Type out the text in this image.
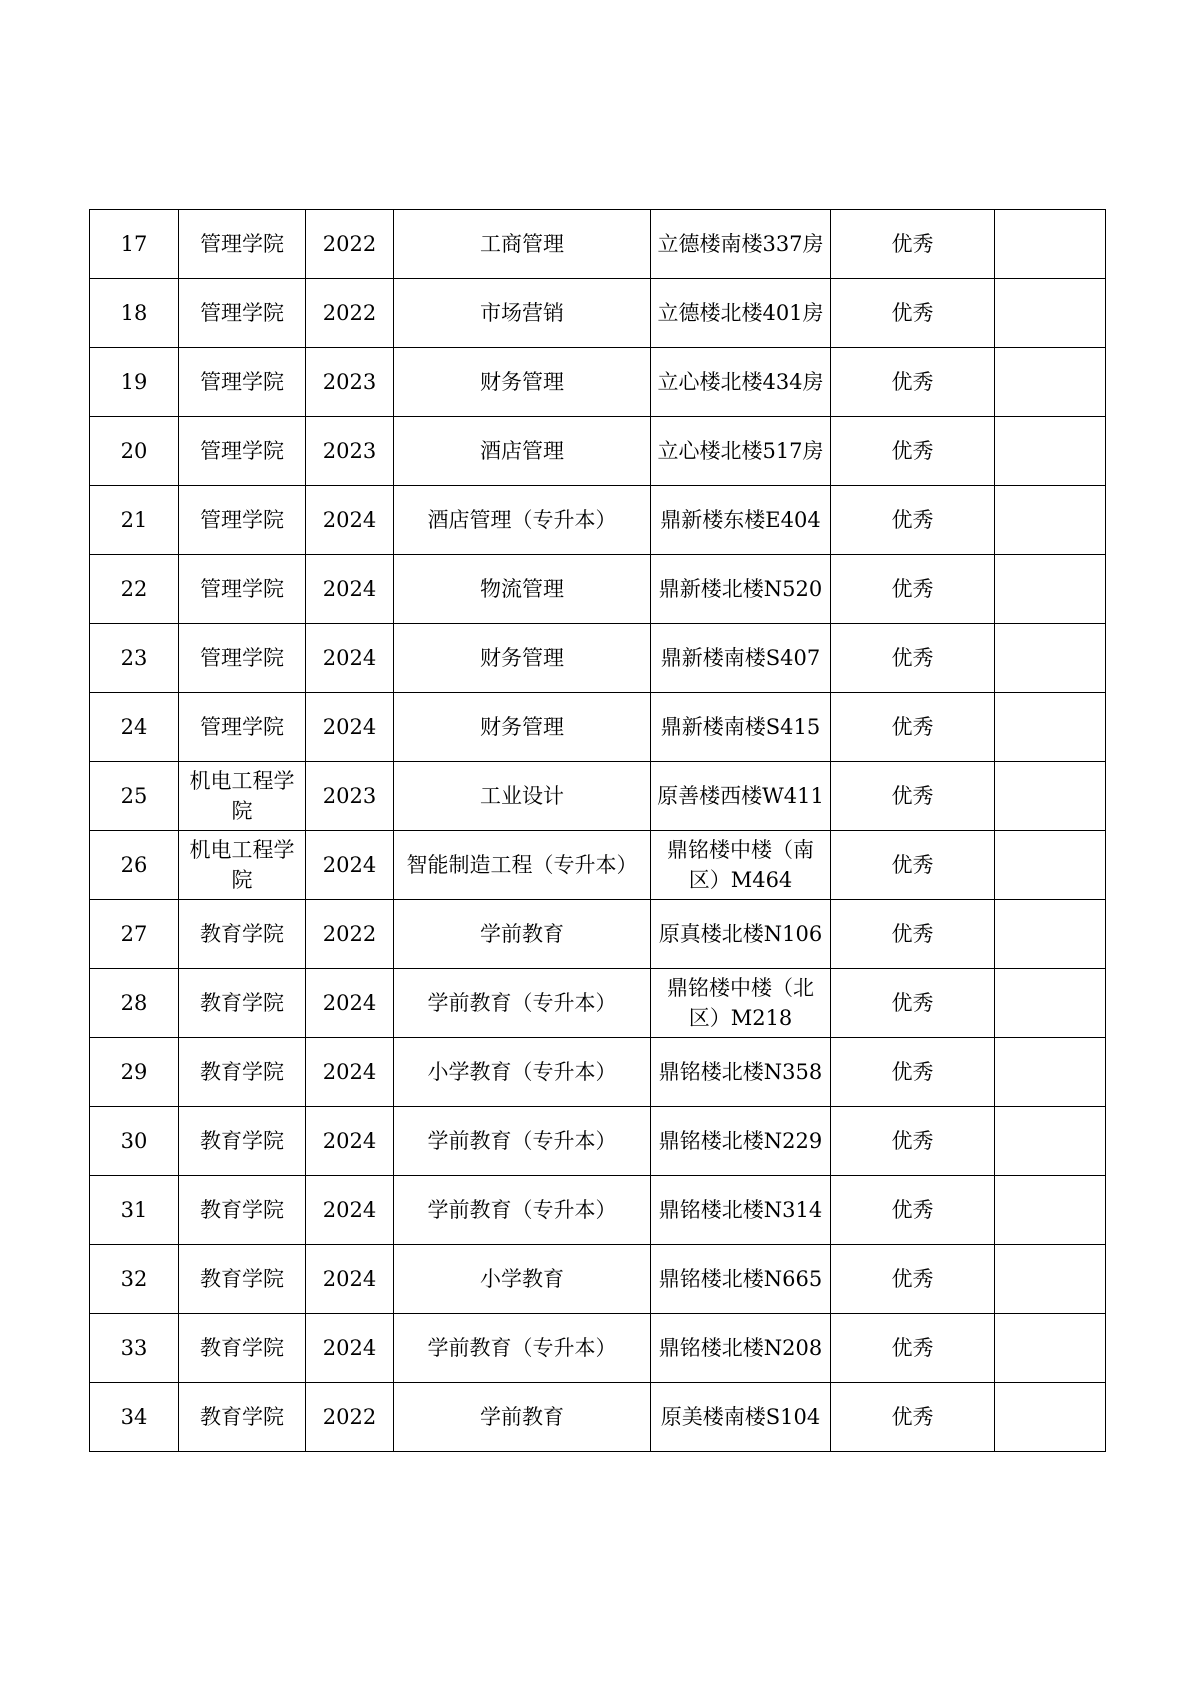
17	管理学院	2022	工商管理	立德楼南楼337房	优秀	
18	管理学院	2022	市场营销	立德楼北楼401房	优秀	
19	管理学院	2023	财务管理	立心楼北楼434房	优秀	
20	管理学院	2023	酒店管理	立心楼北楼517房	优秀	
21	管理学院	2024	酒店管理（专升本）	鼎新楼东楼E404	优秀	
22	管理学院	2024	物流管理	鼎新楼北楼N520	优秀	
23	管理学院	2024	财务管理	鼎新楼南楼S407	优秀	
24	管理学院	2024	财务管理	鼎新楼南楼S415	优秀	
25	机电工程学院	2023	工业设计	原善楼西楼W411	优秀	
26	机电工程学院	2024	智能制造工程（专升本）	鼎铭楼中楼（南区）M464	优秀	
27	教育学院	2022	学前教育	原真楼北楼N106	优秀	
28	教育学院	2024	学前教育（专升本）	鼎铭楼中楼（北区）M218	优秀	
29	教育学院	2024	小学教育（专升本）	鼎铭楼北楼N358	优秀	
30	教育学院	2024	学前教育（专升本）	鼎铭楼北楼N229	优秀	
31	教育学院	2024	学前教育（专升本）	鼎铭楼北楼N314	优秀	
32	教育学院	2024	小学教育	鼎铭楼北楼N665	优秀	
33	教育学院	2024	学前教育（专升本）	鼎铭楼北楼N208	优秀	
34	教育学院	2022	学前教育	原美楼南楼S104	优秀	
